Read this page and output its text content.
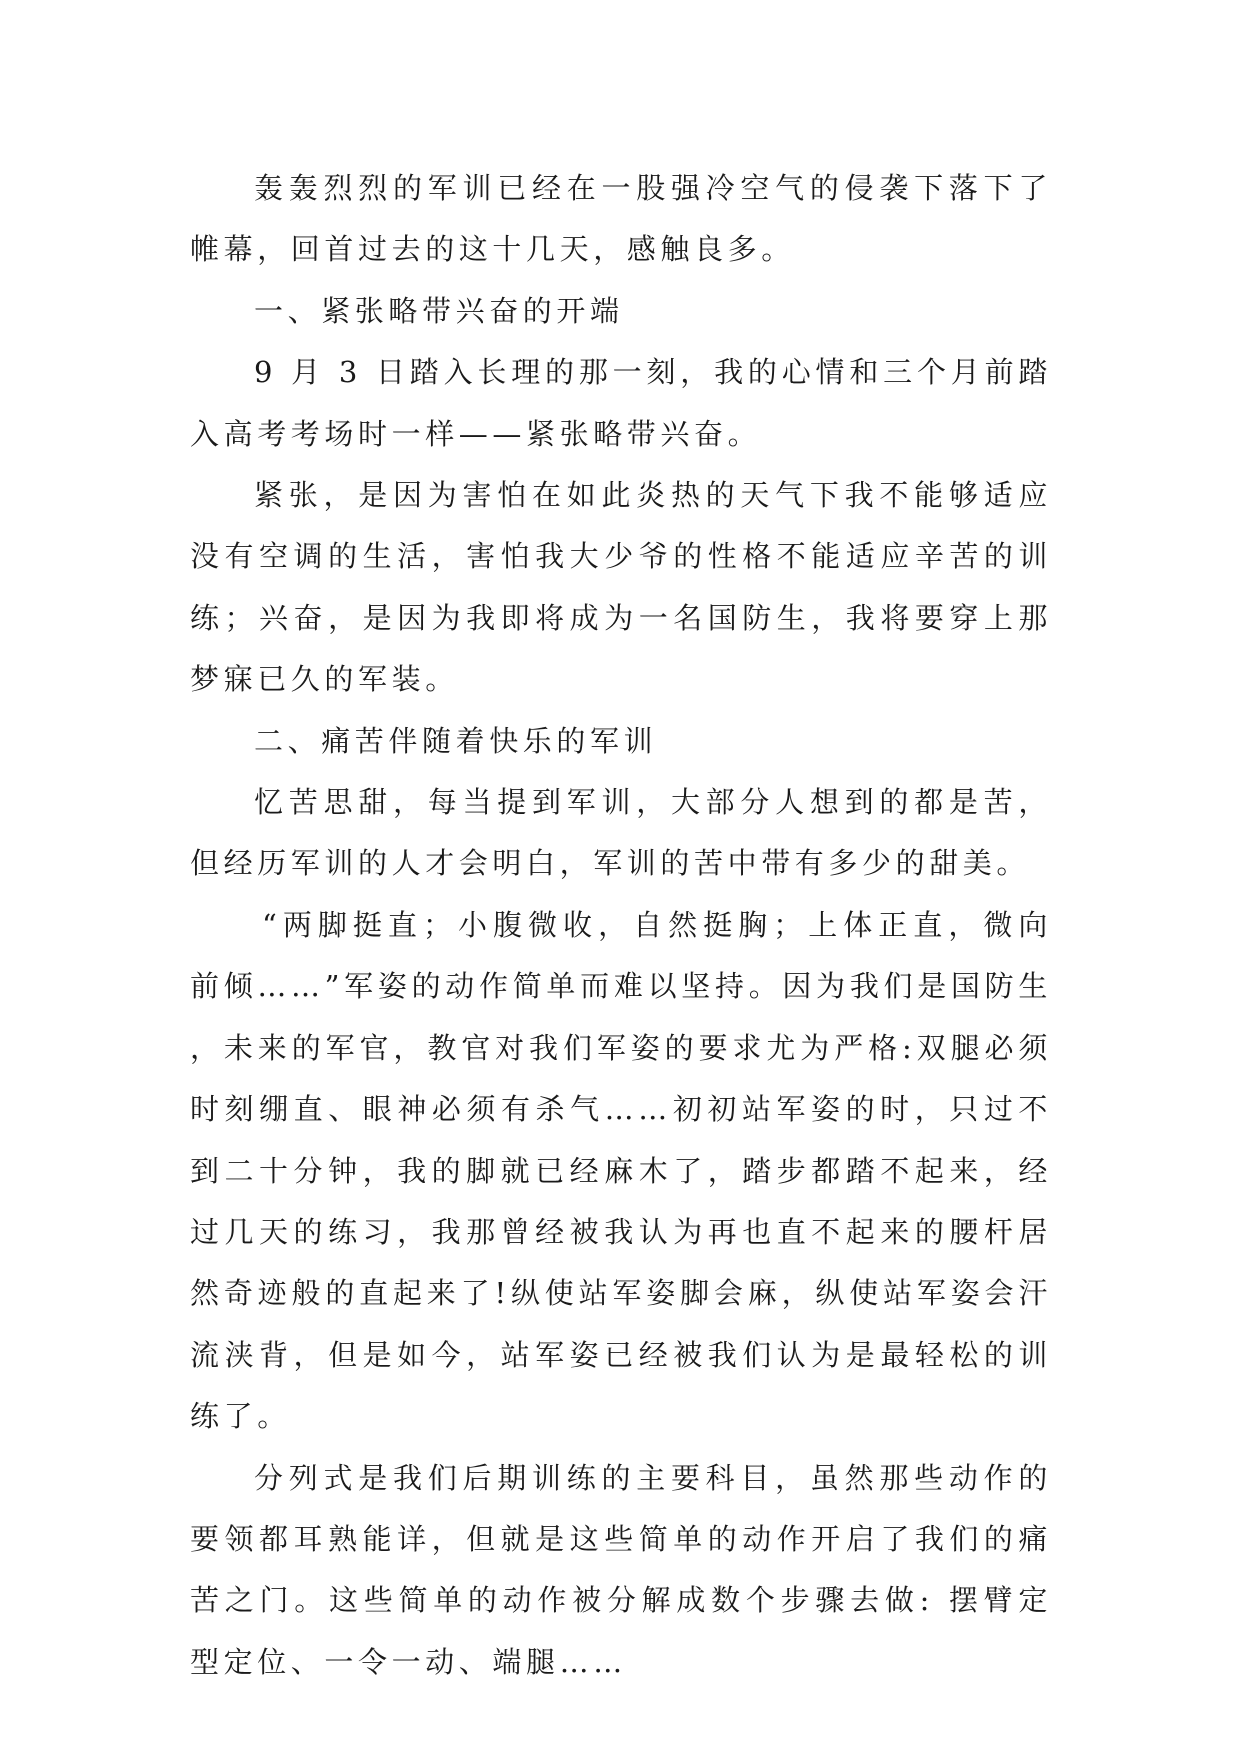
轰轰烈烈的军训已经在一股强冷空气的侵袭下落下了帷幕，回首过去的这十几天，感触良多。

一、紧张略带兴奋的开端

9 月 3 日踏入长理的那一刻，我的心情和三个月前踏入高考考场时一样——紧张略带兴奋。

紧张，是因为害怕在如此炎热的天气下我不能够适应没有空调的生活，害怕我大少爷的性格不能适应辛苦的训练；兴奋，是因为我即将成为一名国防生，我将要穿上那梦寐已久的军装。

二、痛苦伴随着快乐的军训

忆苦思甜，每当提到军训，大部分人想到的都是苦，但经历军训的人才会明白，军训的苦中带有多少的甜美。

“两脚挺直；小腹微收，自然挺胸；上体正直，微向前倾……”军姿的动作简单而难以坚持。因为我们是国防生，未来的军官，教官对我们军姿的要求尤为严格:双腿必须时刻绷直、眼神必须有杀气……初初站军姿的时，只过不到二十分钟，我的脚就已经麻木了，踏步都踏不起来，经过几天的练习，我那曾经被我认为再也直不起来的腰杆居然奇迹般的直起来了!纵使站军姿脚会麻，纵使站军姿会汗流浃背，但是如今，站军姿已经被我们认为是最轻松的训练了。

分列式是我们后期训练的主要科目，虽然那些动作的要领都耳熟能详，但就是这些简单的动作开启了我们的痛苦之门。这些简单的动作被分解成数个步骤去做: 摆臂定型定位、一令一动、端腿……
